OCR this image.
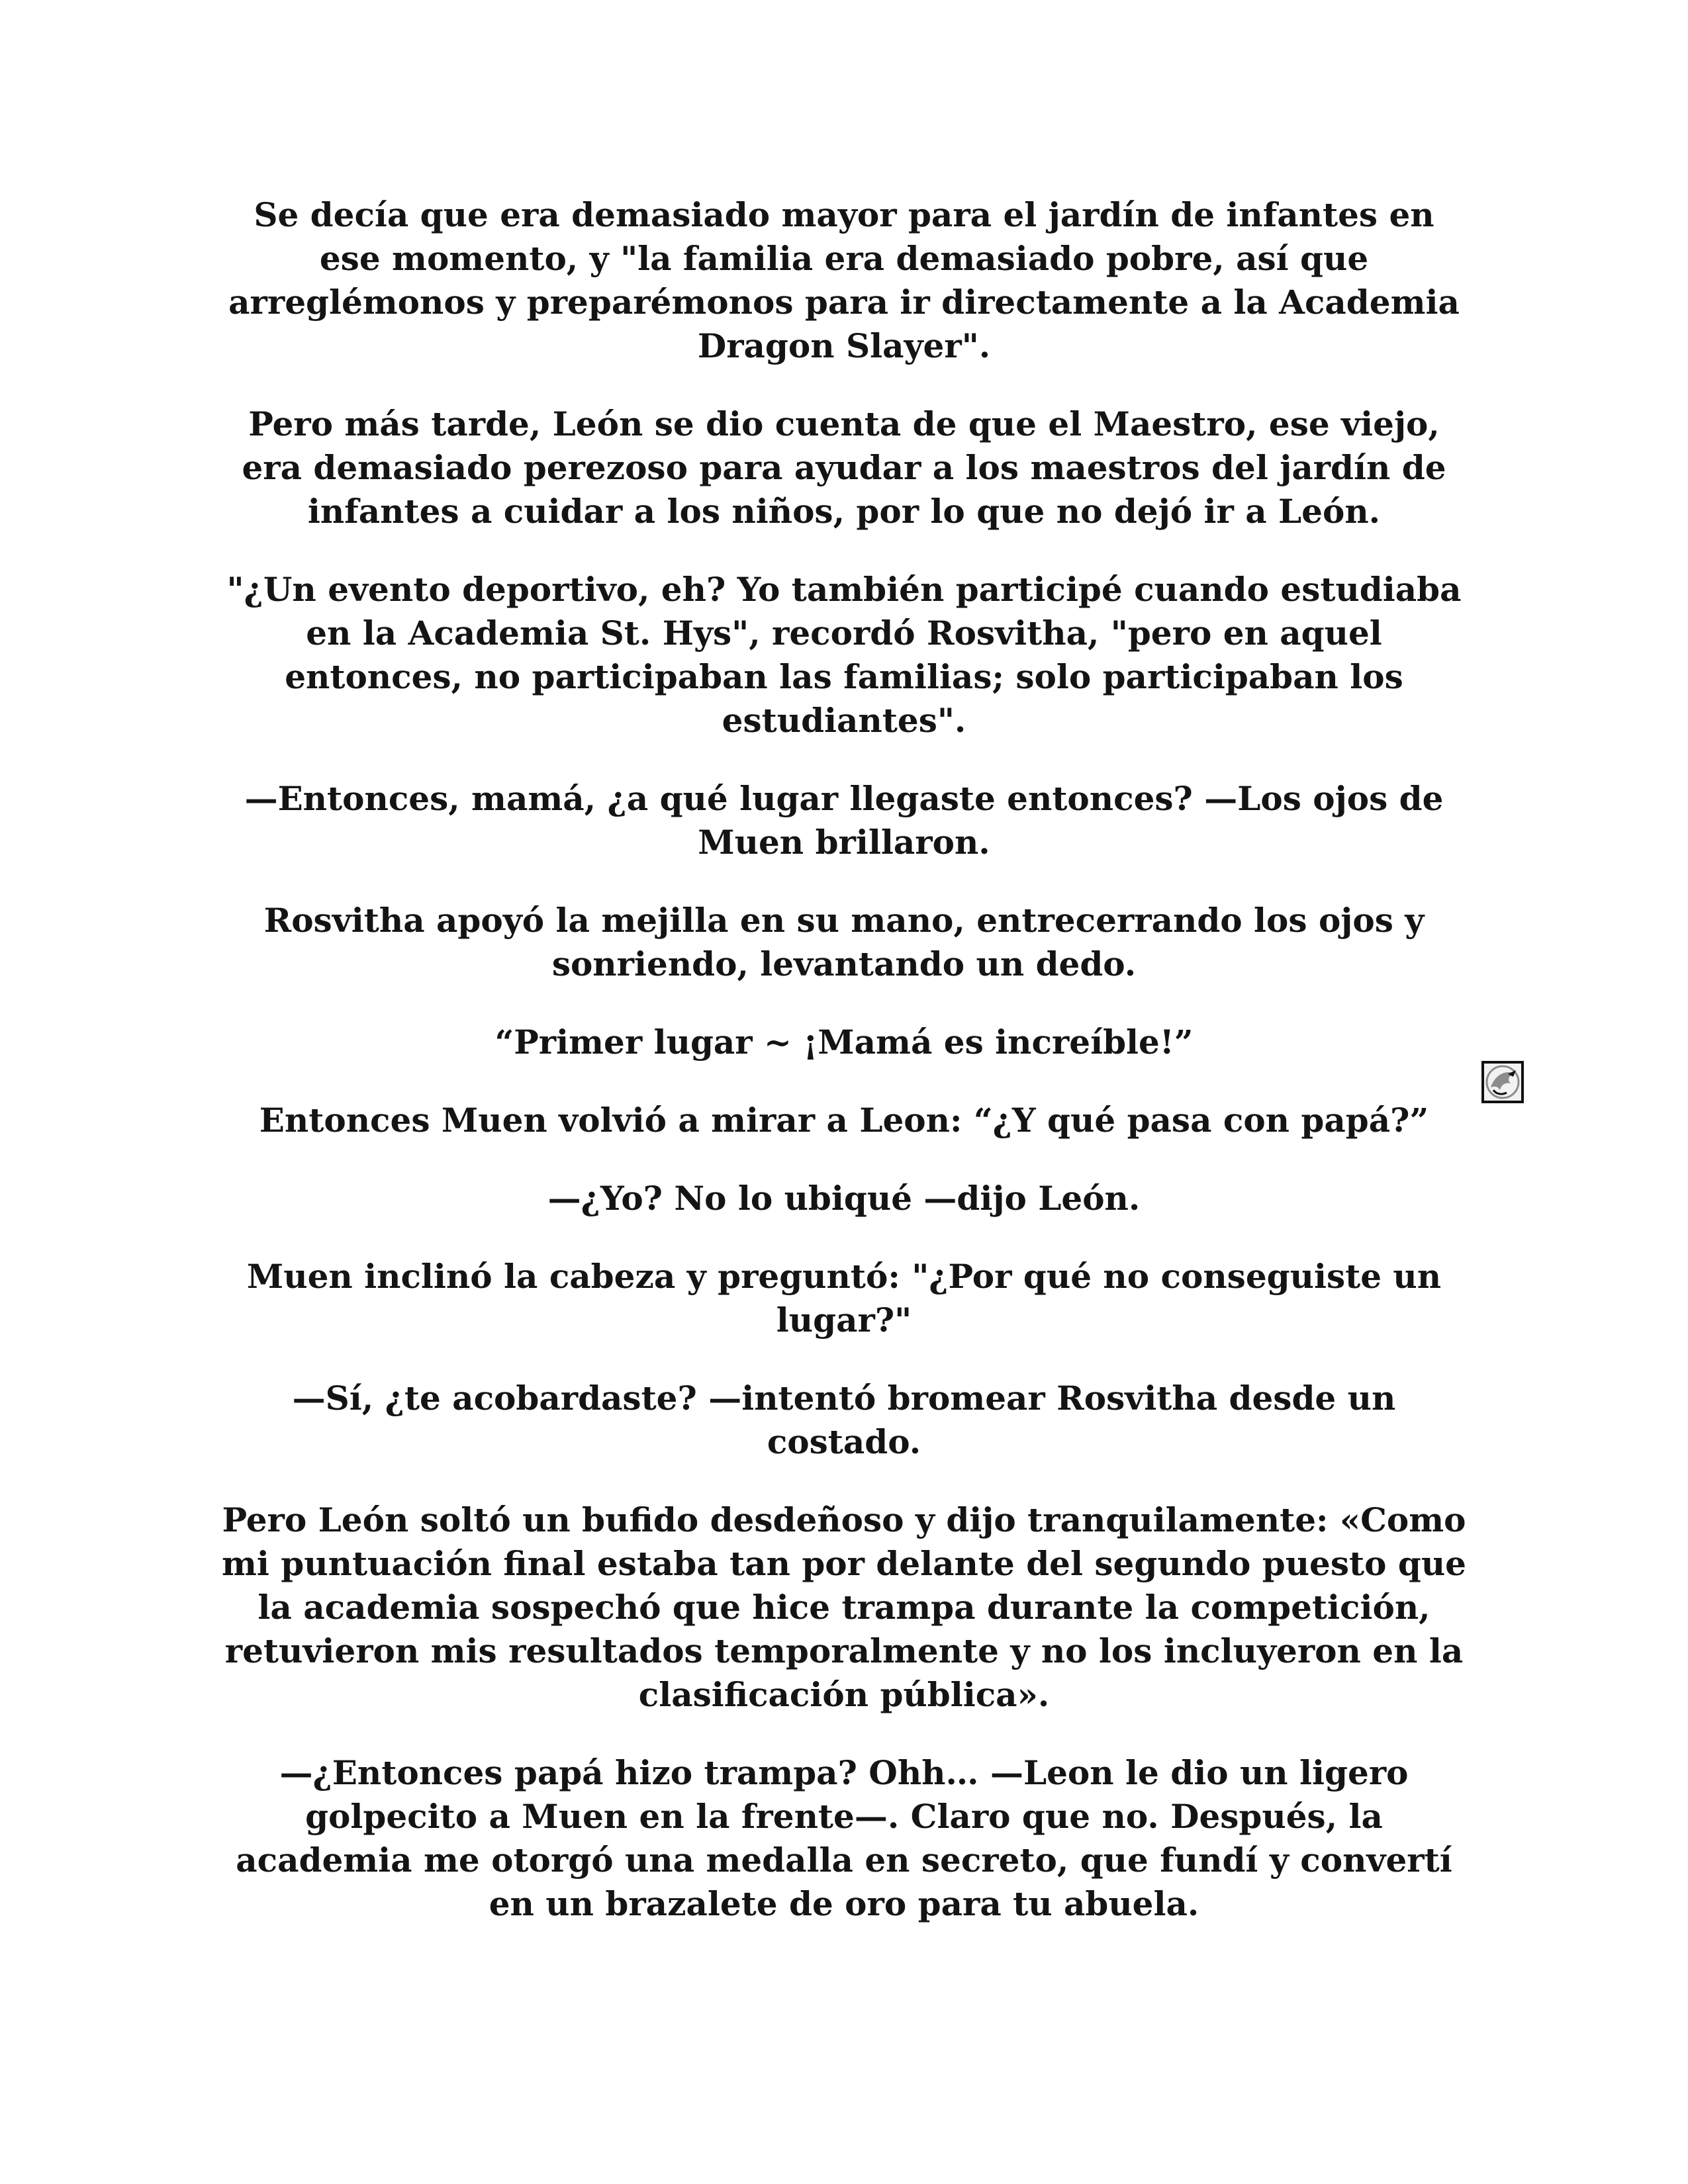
Se decía que era demasiado mayor para el jardín de infantes en ese momento, y "la familia era demasiado pobre, así que arreglémonos y preparémonos para ir directamente a la Academia Dragon Slayer".

Pero más tarde, León se dio cuenta de que el Maestro, ese viejo, era demasiado perezoso para ayudar a los maestros del jardín de infantes a cuidar a los niños, por lo que no dejó ir a León.

"¿Un evento deportivo, eh? Yo también participé cuando estudiaba en la Academia St. Hys", recordó Rosvitha, "pero en aquel entonces, no participaban las familias; solo participaban los estudiantes".

—Entonces, mamá, ¿a qué lugar llegaste entonces? —Los ojos de Muen brillaron.

Rosvitha apoyó la mejilla en su mano, entrecerrando los ojos y sonriendo, levantando un dedo.

“Primer lugar ~ ¡Mamá es increíble!”

Entonces Muen volvió a mirar a Leon: “¿Y qué pasa con papá?”

—¿Yo? No lo ubiqué —dijo León.

Muen inclinó la cabeza y preguntó: "¿Por qué no conseguiste un lugar?"

—Sí, ¿te acobardaste? —intentó bromear Rosvitha desde un costado.

Pero León soltó un bufido desdeñoso y dijo tranquilamente: «Como mi puntuación final estaba tan por delante del segundo puesto que la academia sospechó que hice trampa durante la competición, retuvieron mis resultados temporalmente y no los incluyeron en la clasificación pública».

—¿Entonces papá hizo trampa? Ohh… —Leon le dio un ligero golpecito a Muen en la frente—. Claro que no. Después, la academia me otorgó una medalla en secreto, que fundí y convertí en un brazalete de oro para tu abuela.
